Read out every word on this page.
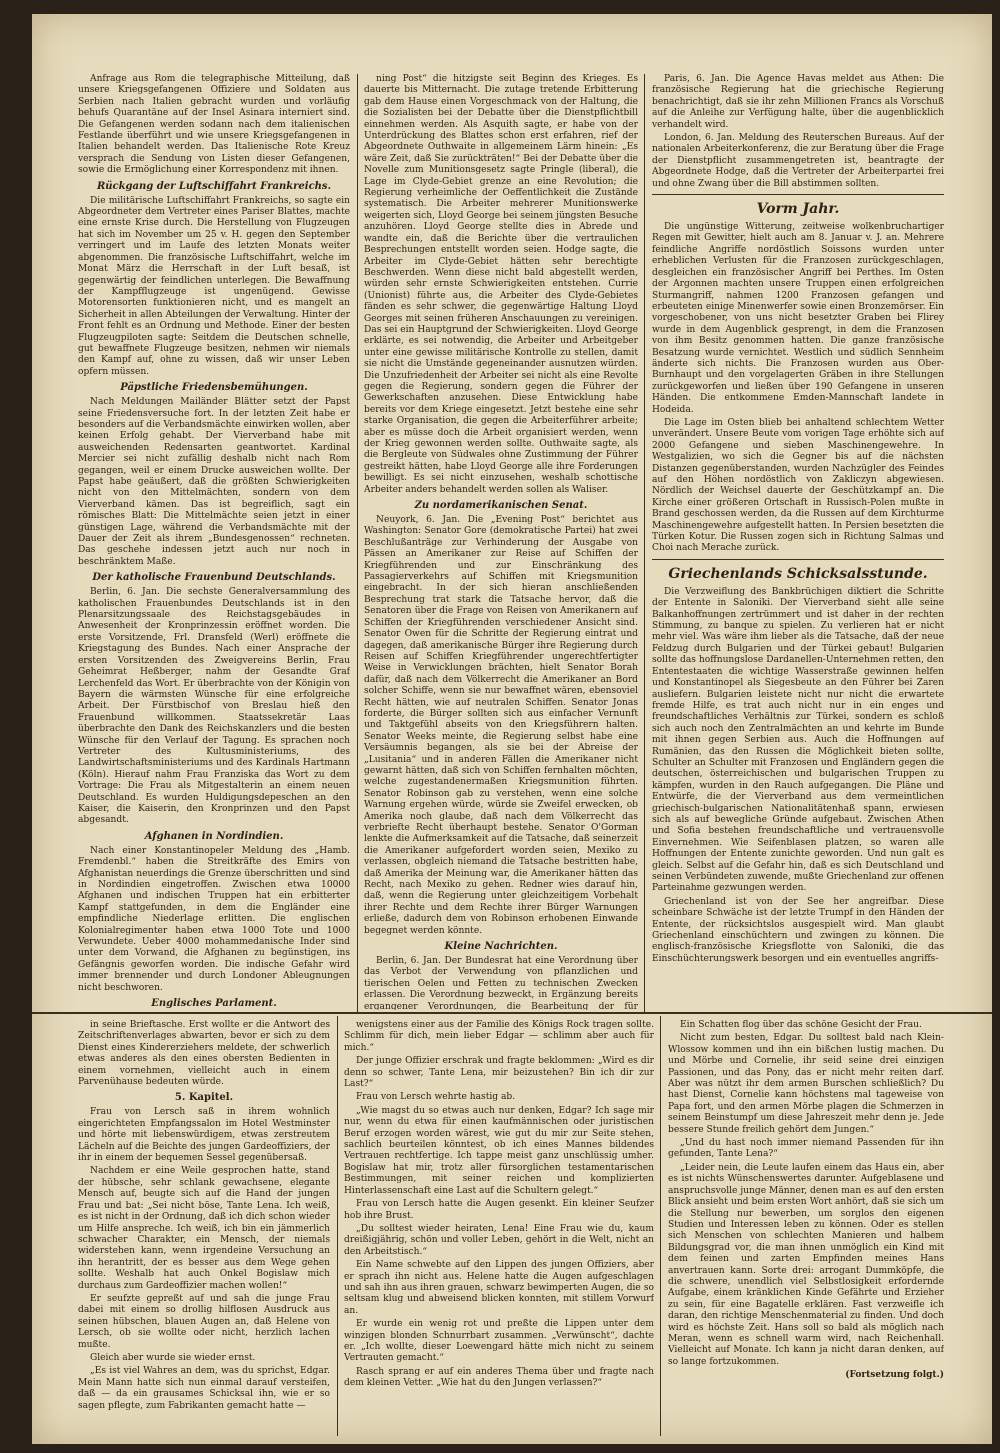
Anfrage aus Rom die telegraphische Mitteilung, daß unsere Kriegsgefangenen Offiziere und Soldaten aus Serbien nach Italien gebracht wurden und vorläufig behufs Quarantäne auf der Insel Asinara interniert sind. Die Gefangenen werden sodann nach dem italienischen Festlande überführt und wie unsere Kriegsgefangenen in Italien behandelt werden. Das Italienische Rote Kreuz versprach die Sendung von Listen dieser Gefangenen, sowie die Ermöglichung einer Korrespondenz mit ihnen.

Rückgang der Luftschiffahrt Frankreichs.

Die militärische Luftschiffahrt Frankreichs, so sagte ein Abgeordneter dem Vertreter eines Pariser Blattes, machte eine ernste Krise durch. Die Herstellung von Flugzeugen hat sich im November um 25 v. H. gegen den September verringert und im Laufe des letzten Monats weiter abgenommen. Die französische Luftschiffahrt, welche im Monat März die Herrschaft in der Luft besaß, ist gegenwärtig der feindlichen unterlegen. Die Bewaffnung der Kampfflugzeuge ist ungenügend. Gewisse Motorensorten funktionieren nicht, und es mangelt an Sicherheit in allen Abteilungen der Verwaltung. Hinter der Front fehlt es an Ordnung und Methode. Einer der besten Flugzeugpiloten sagte: Seitdem die Deutschen schnelle, gut bewaffnete Flugzeuge besitzen, nehmen wir niemals den Kampf auf, ohne zu wissen, daß wir unser Leben opfern müssen.

Päpstliche Friedensbemühungen.

Nach Meldungen Mailänder Blätter setzt der Papst seine Friedensversuche fort. In der letzten Zeit habe er besonders auf die Verbandsmächte einwirken wollen, aber keinen Erfolg gehabt. Der Vierverband habe mit ausweichenden Redensarten geantwortet. Kardinal Mercier sei nicht zufällig deshalb nicht nach Rom gegangen, weil er einem Drucke ausweichen wollte. Der Papst habe geäußert, daß die größten Schwierigkeiten nicht von den Mittelmächten, sondern von dem Vierverband kämen. Das ist begreiflich, sagt ein römisches Blatt: Die Mittelmächte seien jetzt in einer günstigen Lage, während die Verbandsmächte mit der Dauer der Zeit als ihrem „Bundesgenossen“ rechneten. Das geschehe indessen jetzt auch nur noch in beschränktem Maße.

Der katholische Frauenbund Deutschlands.

Berlin, 6. Jan. Die sechste Generalversammlung des katholischen Frauenbundes Deutschlands ist in den Plenarsitzungssaale des Reichstagsgebäudes in Anwesenheit der Kronprinzessin eröffnet worden. Die erste Vorsitzende, Frl. Dransfeld (Werl) eröffnete die Kriegstagung des Bundes. Nach einer Ansprache der ersten Vorsitzenden des Zweigvereins Berlin, Frau Geheimrat Heßberger, nahm der Gesandte Graf Lerchenfeld das Wort. Er überbrachte von der Königin von Bayern die wärmsten Wünsche für eine erfolgreiche Arbeit. Der Fürstbischof von Breslau hieß den Frauenbund willkommen. Staatssekretär Laas überbrachte den Dank des Reichskanzlers und die besten Wünsche für den Verlauf der Tagung. Es sprachen noch Vertreter des Kultusministeriums, des Landwirtschaftsministeriums und des Kardinals Hartmann (Köln). Hierauf nahm Frau Franziska das Wort zu dem Vortrage: Die Frau als Mitgestalterin an einem neuen Deutschland. Es wurden Huldigungsdepeschen an den Kaiser, die Kaiserin, den Kronprinzen und den Papst abgesandt.

Afghanen in Nordindien.

Nach einer Konstantinopeler Meldung des „Hamb. Fremdenbl.“ haben die Streitkräfte des Emirs von Afghanistan neuerdings die Grenze überschritten und sind in Nordindien eingetroffen. Zwischen etwa 10000 Afghanen und indischen Truppen hat ein erbitterter Kampf stattgefunden, in dem die Engländer eine empfindliche Niederlage erlitten. Die englischen Kolonialregimenter haben etwa 1000 Tote und 1000 Verwundete. Ueber 4000 mohammedanische Inder sind unter dem Vorwand, die Afghanen zu begünstigen, ins Gefängnis geworfen worden. Die indische Gefahr wird immer brennender und durch Londoner Ableugnungen nicht beschworen.

Englisches Parlament.

ning Post“ die hitzigste seit Beginn des Krieges. Es dauerte bis Mitternacht. Die zutage tretende Erbitterung gab dem Hause einen Vorgeschmack von der Haltung, die die Sozialisten bei der Debatte über die Dienstpflichtbill einnehmen werden. Als Asquith sagte, er habe von der Unterdrückung des Blattes schon erst erfahren, rief der Abgeordnete Outhwaite in allgemeinem Lärm hinein: „Es wäre Zeit, daß Sie zurückträten!“ Bei der Debatte über die Novelle zum Munitionsgesetz sagte Pringle (liberal), die Lage im Clyde-Gebiet grenze an eine Revolution; die Regierung verheimliche der Oeffentlichkeit die Zustände systematisch. Die Arbeiter mehrerer Munitionswerke weigerten sich, Lloyd George bei seinem jüngsten Besuche anzuhören. Lloyd George stellte dies in Abrede und wandte ein, daß die Berichte über die vertraulichen Besprechungen entstellt worden seien. Hodge sagte, die Arbeiter im Clyde-Gebiet hätten sehr berechtigte Beschwerden. Wenn diese nicht bald abgestellt werden, würden sehr ernste Schwierigkeiten entstehen. Currie (Unionist) führte aus, die Arbeiter des Clyde-Gebietes fänden es sehr schwer, die gegenwärtige Haltung Lloyd Georges mit seinen früheren Anschauungen zu vereinigen. Das sei ein Hauptgrund der Schwierigkeiten. Lloyd George erklärte, es sei notwendig, die Arbeiter und Arbeitgeber unter eine gewisse militärische Kontrolle zu stellen, damit sie nicht die Umstände gegeneinander ausnutzen würden. Die Unzufriedenheit der Arbeiter sei nicht als eine Revolte gegen die Regierung, sondern gegen die Führer der Gewerkschaften anzusehen. Diese Entwicklung habe bereits vor dem Kriege eingesetzt. Jetzt bestehe eine sehr starke Organisation, die gegen die Arbeiterführer arbeite; aber es müsse doch die Arbeit organisiert werden, wenn der Krieg gewonnen werden sollte. Outhwaite sagte, als die Bergleute von Südwales ohne Zustimmung der Führer gestreikt hätten, habe Lloyd George alle ihre Forderungen bewilligt. Es sei nicht einzusehen, weshalb schottische Arbeiter anders behandelt werden sollen als Waliser.

Zu nordamerikanischen Senat.

Neuyork, 6. Jan. Die „Evening Post“ berichtet aus Washington: Senator Gore (demokratische Partei) hat zwei Beschlußanträge zur Verhinderung der Ausgabe von Pässen an Amerikaner zur Reise auf Schiffen der Kriegführenden und zur Einschränkung des Passagierverkehrs auf Schiffen mit Kriegsmunition eingebracht. In der sich hieran anschließenden Besprechung trat stark die Tatsache hervor, daß die Senatoren über die Frage von Reisen von Amerikanern auf Schiffen der Kriegführenden verschiedener Ansicht sind. Senator Owen für die Schritte der Regierung eintrat und dagegen, daß amerikanische Bürger ihre Regierung durch Reisen auf Schiffen Kriegführender ungerechtfertigter Weise in Verwicklungen brächten, hielt Senator Borah dafür, daß nach dem Völkerrecht die Amerikaner an Bord solcher Schiffe, wenn sie nur bewaffnet wären, ebensoviel Recht hätten, wie auf neutralen Schiffen. Senator Jonas forderte, die Bürger sollten sich aus einfacher Vernunft und Taktgefühl abseits von den Kriegsführern halten. Senator Weeks meinte, die Regierung selbst habe eine Versäumnis begangen, als sie bei der Abreise der „Lusitania“ und in anderen Fällen die Amerikaner nicht gewarnt hätten, daß sich von Schiffen fernhalten möchten, welche zugestandenermaßen Kriegsmunition führten. Senator Robinson gab zu verstehen, wenn eine solche Warnung ergehen würde, würde sie Zweifel erwecken, ob Amerika noch glaube, daß nach dem Völkerrecht das verbriefte Recht überhaupt bestehe. Senator O'Gorman lenkte die Aufmerksamkeit auf die Tatsache, daß seinerzeit die Amerikaner aufgefordert worden seien, Mexiko zu verlassen, obgleich niemand die Tatsache bestritten habe, daß Amerika der Meinung war, die Amerikaner hätten das Recht, nach Mexiko zu gehen. Redner wies darauf hin, daß, wenn die Regierung unter gleichzeitigem Vorbehalt ihrer Rechte und dem Rechte ihrer Bürger Warnungen erließe, dadurch dem von Robinson erhobenen Einwande begegnet werden könnte.

Kleine Nachrichten.

Berlin, 6. Jan. Der Bundesrat hat eine Verordnung über das Verbot der Verwendung von pflanzlichen und tierischen Oelen und Fetten zu technischen Zwecken erlassen. Die Verordnung bezweckt, in Ergänzung bereits ergangener Verordnungen, die Bearbeitung der für

Paris, 6. Jan. Die Agence Havas meldet aus Athen: Die französische Regierung hat die griechische Regierung benachrichtigt, daß sie ihr zehn Millionen Francs als Vorschuß auf die Anleihe zur Verfügung halte, über die augenblicklich verhandelt wird.

London, 6. Jan. Meldung des Reuterschen Bureaus. Auf der nationalen Arbeiterkonferenz, die zur Beratung über die Frage der Dienstpflicht zusammengetreten ist, beantragte der Abgeordnete Hodge, daß die Vertreter der Arbeiterpartei frei und ohne Zwang über die Bill abstimmen sollten.

Vorm Jahr.

Die ungünstige Witterung, zeitweise wolkenbruchartiger Regen mit Gewitter, hielt auch am 8. Januar v. J. an. Mehrere feindliche Angriffe nordöstlich Soissons wurden unter erheblichen Verlusten für die Franzosen zurückgeschlagen, desgleichen ein französischer Angriff bei Perthes. Im Osten der Argonnen machten unsere Truppen einen erfolgreichen Sturmangriff, nahmen 1200 Franzosen gefangen und erbeuteten einige Minenwerfer sowie einen Bronzemörser. Ein vorgeschobener, von uns nicht besetzter Graben bei Flirey wurde in dem Augenblick gesprengt, in dem die Franzosen von ihm Besitz genommen hatten. Die ganze französische Besatzung wurde vernichtet. Westlich und südlich Sennheim änderte sich nichts. Die Franzosen wurden aus Ober-Burnhaupt und den vorgelagerten Gräben in ihre Stellungen zurückgeworfen und ließen über 190 Gefangene in unseren Händen. Die entkommene Emden-Mannschaft landete in Hodeida.

Die Lage im Osten blieb bei anhaltend schlechtem Wetter unverändert. Unsere Beute vom vorigen Tage erhöhte sich auf 2000 Gefangene und sieben Maschinengewehre. In Westgalizien, wo sich die Gegner bis auf die nächsten Distanzen gegenüberstanden, wurden Nachzügler des Feindes auf den Höhen nordöstlich von Zakliczyn abgewiesen. Nördlich der Weichsel dauerte der Geschützkampf an. Die Kirche einer größeren Ortschaft in Russisch-Polen mußte in Brand geschossen werden, da die Russen auf dem Kirchturme Maschinengewehre aufgestellt hatten. In Persien besetzten die Türken Kotur. Die Russen zogen sich in Richtung Salmas und Choi nach Merache zurück.

Griechenlands Schicksalsstunde.

Die Verzweiflung des Bankbrüchigen diktiert die Schritte der Entente in Saloniki. Der Vierverband sieht alle seine Balkanhoffnungen zertrümmert und ist daher in der rechten Stimmung, zu banque zu spielen. Zu verlieren hat er nicht mehr viel. Was wäre ihm lieber als die Tatsache, daß der neue Feldzug durch Bulgarien und der Türkei gebaut! Bulgarien sollte das hoffnungslose Dardanellen-Unternehmen retten, den Ententestaaten die wichtige Wasserstraße gewinnen helfen und Konstantinopel als Siegesbeute an den Führer bei Zaren ausliefern. Bulgarien leistete nicht nur nicht die erwartete fremde Hilfe, es trat auch nicht nur in ein enges und freundschaftliches Verhältnis zur Türkei, sondern es schloß sich auch noch den Zentralmächten an und kehrte im Bunde mit ihnen gegen Serbien aus. Auch die Hoffnungen auf Rumänien, das den Russen die Möglichkeit bieten sollte, Schulter an Schulter mit Franzosen und Engländern gegen die deutschen, österreichischen und bulgarischen Truppen zu kämpfen, wurden in den Rauch aufgegangen. Die Pläne und Entwürfe, die der Vierverband aus dem vermeintlichen griechisch-bulgarischen Nationalitätenhaß spann, erwiesen sich als auf bewegliche Gründe aufgebaut. Zwischen Athen und Sofia bestehen freundschaftliche und vertrauensvolle Einvernehmen. Wie Seifenblasen platzen, so waren alle Hoffnungen der Entente zunichte geworden. Und nun galt es gleich. Selbst auf die Gefahr hin, daß es sich Deutschland und seinen Verbündeten zuwende, mußte Griechenland zur offenen Parteinahme gezwungen werden.

Griechenland ist von der See her angreifbar. Diese scheinbare Schwäche ist der letzte Trumpf in den Händen der Entente, der rücksichtslos ausgespielt wird. Man glaubt Griechenland einschüchtern und zwingen zu können. Die englisch-französische Kriegsflotte von Saloniki, die das Einschüchterungswerk besorgen und ein eventuelles angriffs-

in seine Brieftasche. Erst wollte er die Antwort des Zeitschriftenverlages abwarten, bevor er sich zu dem Dienst eines Kindererziehers meldete, der schwerlich etwas anderes als den eines obersten Bedienten in einem vornehmen, vielleicht auch in einem Parvenühause bedeuten würde.

5. Kapitel.

Frau von Lersch saß in ihrem wohnlich eingerichteten Empfangssalon im Hotel Westminster und hörte mit liebenswürdigem, etwas zerstreutem Lächeln auf die Beichte des jungen Gardeoffiziers, der ihr in einem der bequemen Sessel gegenübersaß.

Nachdem er eine Weile gesprochen hatte, stand der hübsche, sehr schlank gewachsene, elegante Mensch auf, beugte sich auf die Hand der jungen Frau und bat: „Sei nicht böse, Tante Lena. Ich weiß, es ist nicht in der Ordnung, daß ich dich schon wieder um Hilfe anspreche. Ich weiß, ich bin ein jämmerlich schwacher Charakter, ein Mensch, der niemals widerstehen kann, wenn irgendeine Versuchung an ihn herantritt, der es besser aus dem Wege gehen sollte. Weshalb hat auch Onkel Bogislaw mich durchaus zum Gardeoffizier machen wollen!“

Er seufzte gepreßt auf und sah die junge Frau dabei mit einem so drollig hilflosen Ausdruck aus seinen hübschen, blauen Augen an, daß Helene von Lersch, ob sie wollte oder nicht, herzlich lachen mußte.

Gleich aber wurde sie wieder ernst.

„Es ist viel Wahres an dem, was du sprichst, Edgar. Mein Mann hatte sich nun einmal darauf versteifen, daß — da ein grausames Schicksal ihn, wie er so sagen pflegte, zum Fabrikanten gemacht hatte —

wenigstens einer aus der Familie des Königs Rock tragen sollte. Schlimm für dich, mein lieber Edgar — schlimm aber auch für mich.“

Der junge Offizier erschrak und fragte beklommen: „Wird es dir denn so schwer, Tante Lena, mir beizustehen? Bin ich dir zur Last?“

Frau von Lersch wehrte hastig ab.

„Wie magst du so etwas auch nur denken, Edgar? Ich sage mir nur, wenn du etwa für einen kaufmännischen oder juristischen Beruf erzogen worden wärest, wie gut du mir zur Seite stehen, sachlich beurteilen könntest, ob ich eines Mannes bildendes Vertrauen rechtfertige. Ich tappe meist ganz unschlüssig umher. Bogislaw hat mir, trotz aller fürsorglichen testamentarischen Bestimmungen, mit seiner reichen und komplizierten Hinterlassenschaft eine Last auf die Schultern gelegt.“

Frau von Lersch hatte die Augen gesenkt. Ein kleiner Seufzer hob ihre Brust.

„Du solltest wieder heiraten, Lena! Eine Frau wie du, kaum dreißigjährig, schön und voller Leben, gehört in die Welt, nicht an den Arbeitstisch.“

Ein Name schwebte auf den Lippen des jungen Offiziers, aber er sprach ihn nicht aus. Helene hatte die Augen aufgeschlagen und sah ihn aus ihren grauen, schwarz bewimperten Augen, die so seltsam klug und abweisend blicken konnten, mit stillem Vorwurf an.

Er wurde ein wenig rot und preßte die Lippen unter dem winzigen blonden Schnurrbart zusammen. „Verwünscht“, dachte er. „Ich wollte, dieser Loewengard hätte mich nicht zu seinem Vertrauten gemacht.“

Rasch sprang er auf ein anderes Thema über und fragte nach dem kleinen Vetter. „Wie hat du den Jungen verlassen?“

Ein Schatten flog über das schöne Gesicht der Frau.

Nicht zum besten, Edgar. Du solltest bald nach Klein-Wlossow kommen und ihn ein bißchen lustig machen. Du und Mörbe und Cornelie, ihr seid seine drei einzigen Passionen, und das Pony, das er nicht mehr reiten darf. Aber was nützt ihr dem armen Burschen schließlich? Du hast Dienst, Cornelie kann höchstens mal tageweise von Papa fort, und den armen Mörbe plagen die Schmerzen in seinem Beinstumpf um diese Jahreszeit mehr denn je. Jede bessere Stunde freilich gehört dem Jungen.“

„Und du hast noch immer niemand Passenden für ihn gefunden, Tante Lena?“

„Leider nein, die Leute laufen einem das Haus ein, aber es ist nichts Wünschenswertes darunter. Aufgeblasene und anspruchsvolle junge Männer, denen man es auf den ersten Blick ansieht und beim ersten Wort anhört, daß sie sich um die Stellung nur bewerben, um sorglos den eigenen Studien und Interessen leben zu können. Oder es stellen sich Menschen von schlechten Manieren und halbem Bildungsgrad vor, die man ihnen unmöglich ein Kind mit dem feinen und zarten Empfinden meines Hans anvertrauen kann. Sorte drei: arrogant Dummköpfe, die die schwere, unendlich viel Selbstlosigkeit erfordernde Aufgabe, einem kränklichen Kinde Gefährte und Erzieher zu sein, für eine Bagatelle erklären. Fast verzweifle ich daran, den richtige Menschenmaterial zu finden. Und doch wird es höchste Zeit. Hans soll so bald als möglich nach Meran, wenn es schnell warm wird, nach Reichenhall. Vielleicht auf Monate. Ich kann ja nicht daran denken, auf so lange fortzukommen.

(Fortsetzung folgt.)
